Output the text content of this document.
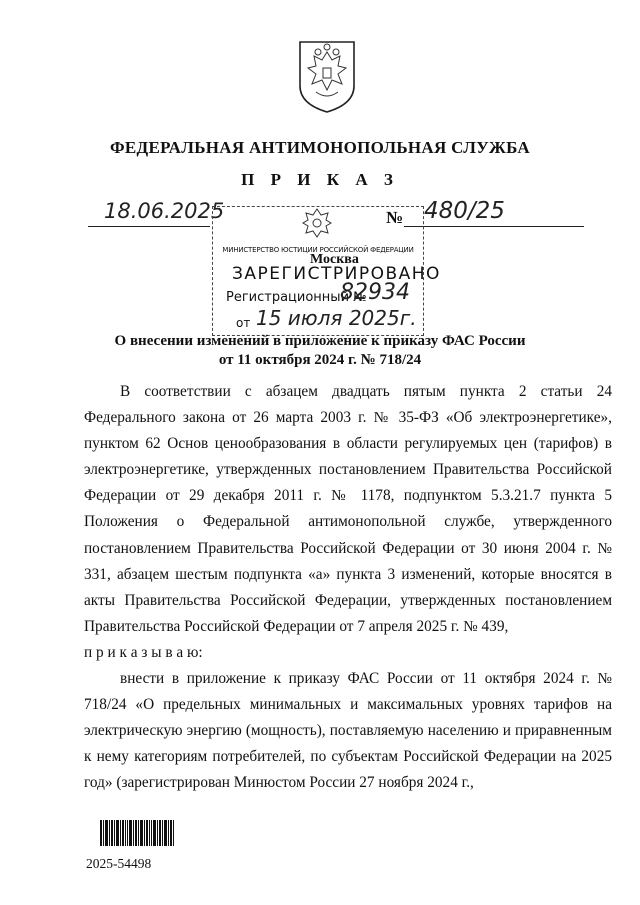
ФЕДЕРАЛЬНАЯ АНТИМОНОПОЛЬНАЯ СЛУЖБА
П Р И К А З
18.06.2025	№ 480/25
МИНИСТЕРСТВО ЮСТИЦИИ РОССИЙСКОЙ ФЕДЕРАЦИИ
Москва
ЗАРЕГИСТРИРОВАНО
Регистрационный №
82934
от 15 июля 2025г.
О внесении изменений в приложение к приказу ФАС России
от 11 октября 2024 г. № 718/24

В соответствии с абзацем двадцать пятым пункта 2 статьи 24 Федерального закона от 26 марта 2003 г. № 35-ФЗ «Об электроэнергетике», пунктом 62 Основ ценообразования в области регулируемых цен (тарифов) в электроэнергетике, утвержденных постановлением Правительства Российской Федерации от 29 декабря 2011 г. № 1178, подпунктом 5.3.21.7 пункта 5 Положения о Федеральной антимонопольной службе, утвержденного постановлением Правительства Российской Федерации от 30 июня 2004 г. № 331, абзацем шестым подпункта «а» пункта 3 изменений, которые вносятся в акты Правительства Российской Федерации, утвержденных постановлением Правительства Российской Федерации от 7 апреля 2025 г. № 439,

п р и к а з ы в а ю:

внести в приложение к приказу ФАС России от 11 октября 2024 г. № 718/24 «О предельных минимальных и максимальных уровнях тарифов на электрическую энергию (мощность), поставляемую населению и приравненным к нему категориям потребителей, по субъектам Российской Федерации на 2025 год» (зарегистрирован Минюстом России 27 ноября 2024 г.,

2025-54498
